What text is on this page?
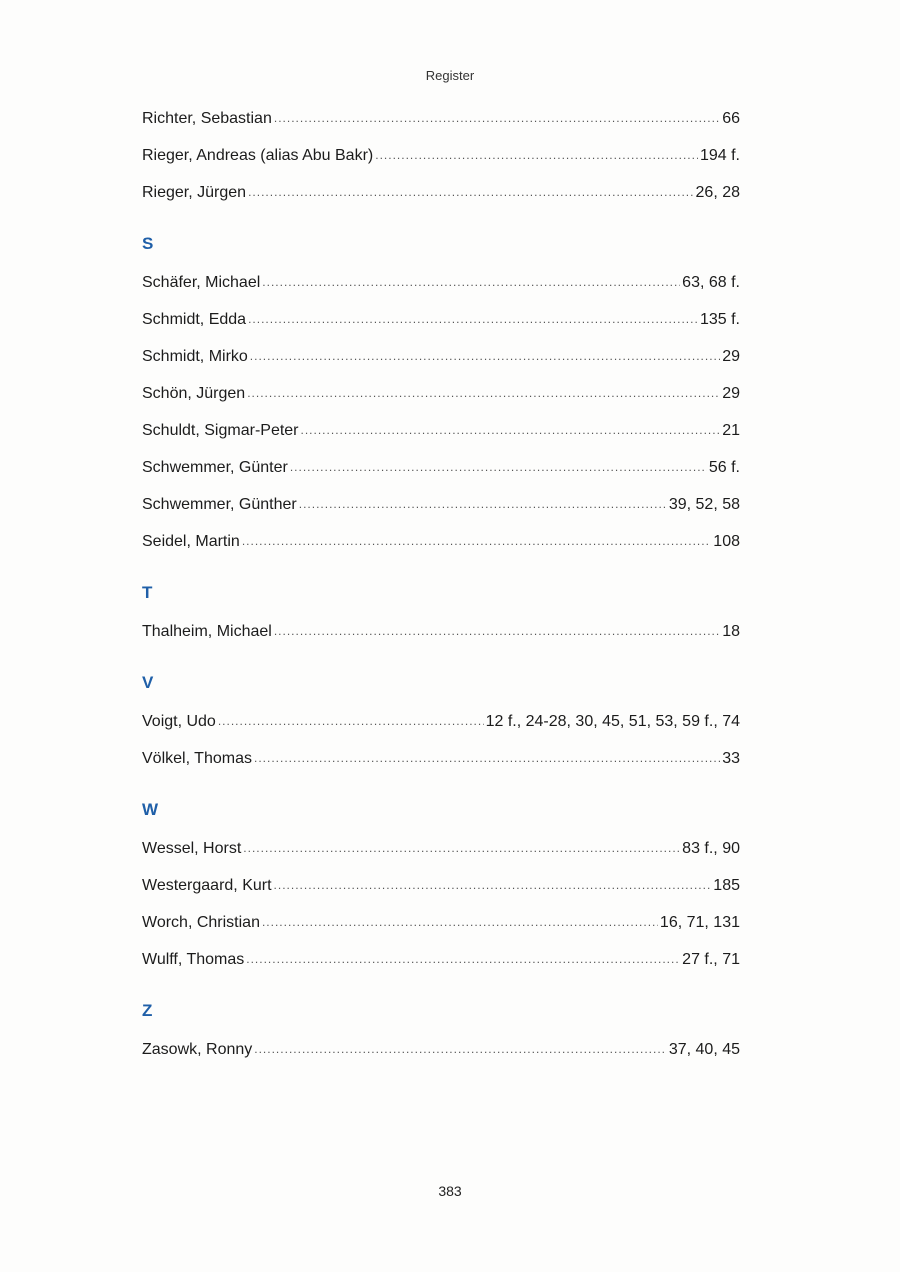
Register
Richter, Sebastian .....	66
Rieger, Andreas (alias Abu Bakr) .....	194 f.
Rieger, Jürgen .....	26, 28
S
Schäfer, Michael .....	63, 68 f.
Schmidt, Edda .....	135 f.
Schmidt, Mirko .....	29
Schön, Jürgen .....	29
Schuldt, Sigmar-Peter .....	21
Schwemmer, Günter .....	56 f.
Schwemmer, Günther .....	39, 52, 58
Seidel, Martin .....	108
T
Thalheim, Michael .....	18
V
Voigt, Udo .....	12 f., 24-28, 30, 45, 51, 53, 59 f., 74
Völkel, Thomas .....	33
W
Wessel, Horst .....	83 f., 90
Westergaard, Kurt .....	185
Worch, Christian .....	16, 71, 131
Wulff, Thomas .....	27 f., 71
Z
Zasowk, Ronny .....	37, 40, 45
383
